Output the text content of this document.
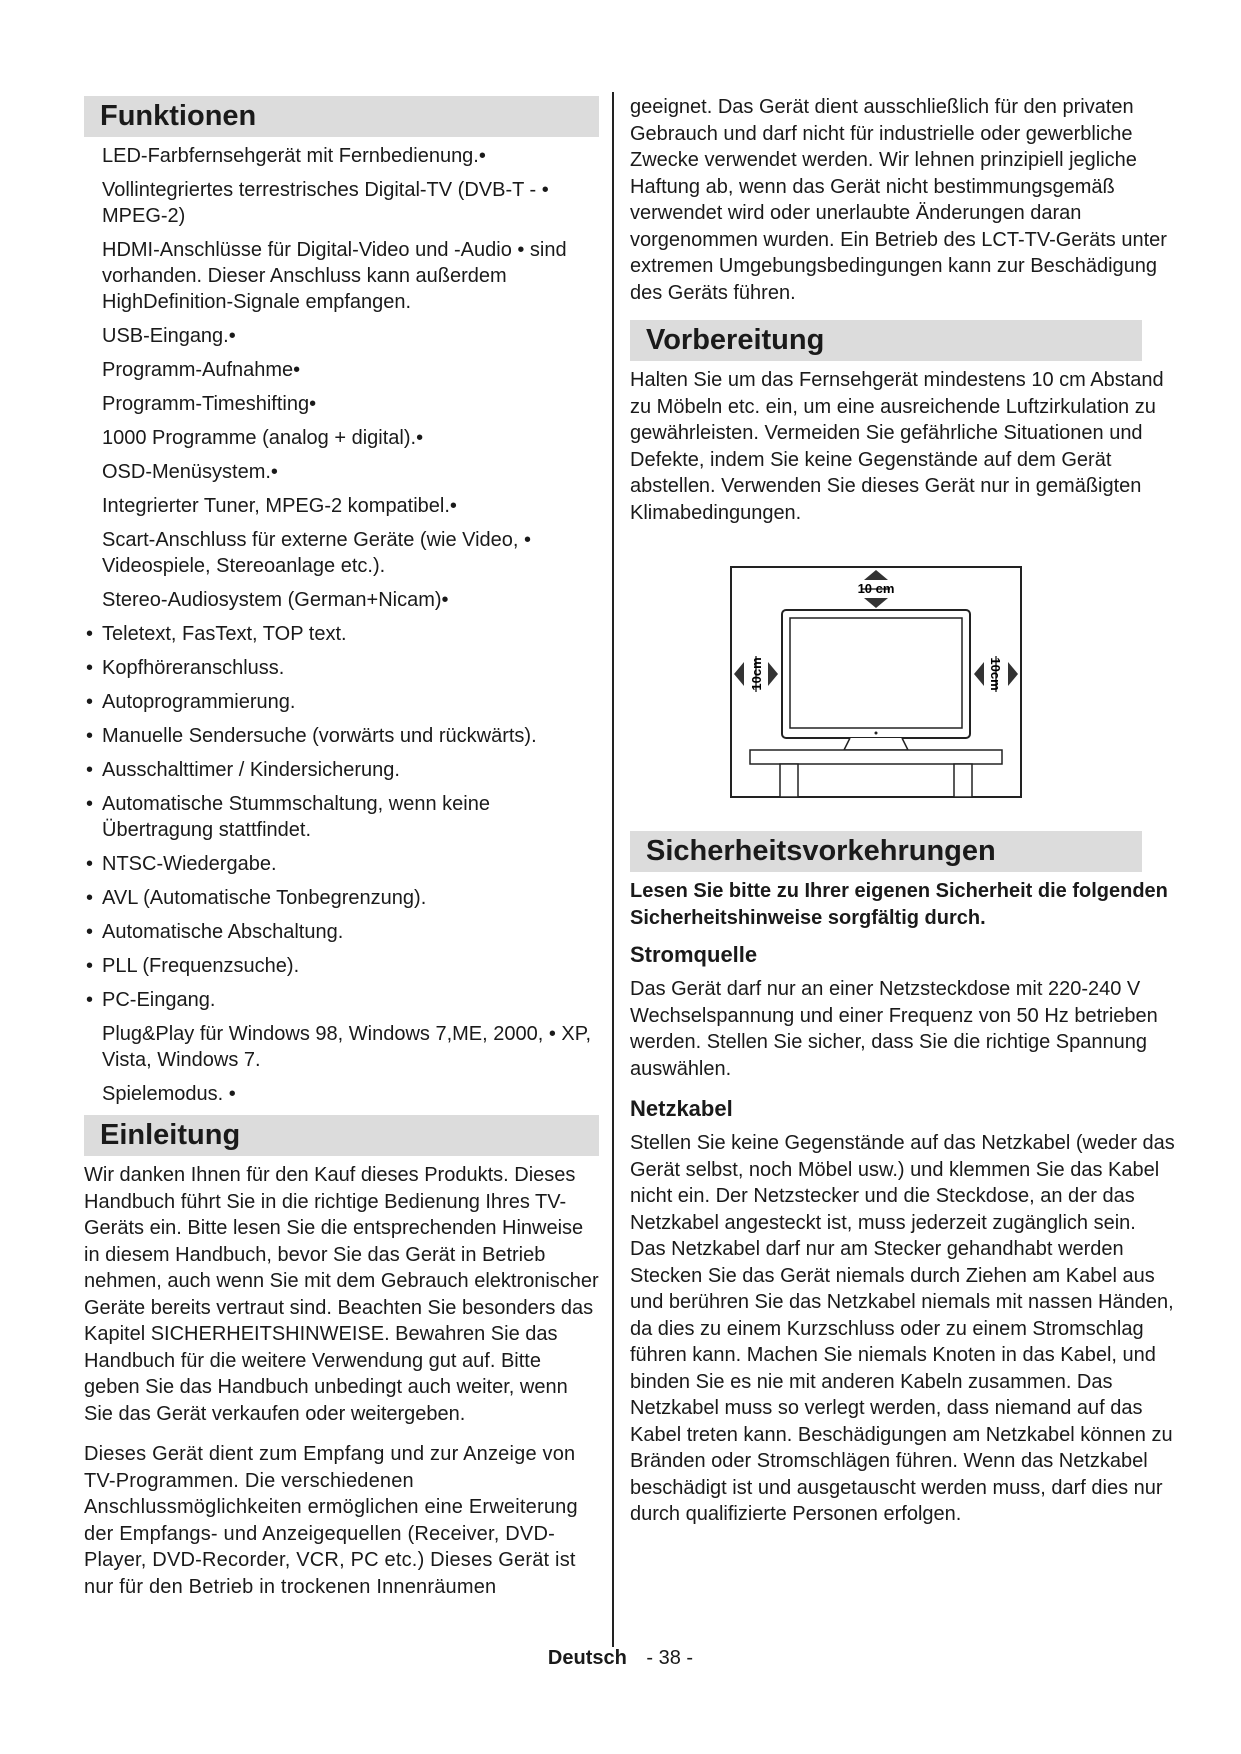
Funktionen
LED-Farbfernsehgerät mit Fernbedienung.•
Vollintegriertes terrestrisches Digital-TV (DVB-T - • MPEG-2)
HDMI-Anschlüsse für Digital-Video und -Audio • sind vorhanden. Dieser Anschluss kann außerdem HighDefinition-Signale empfangen.
USB-Eingang.•
Programm-Aufnahme•
Programm-Timeshifting•
1000 Programme (analog + digital).•
OSD-Menüsystem.•
Integrierter Tuner, MPEG-2 kompatibel.•
Scart-Anschluss für externe Geräte (wie Video, • Videospiele, Stereoanlage etc.).
Stereo-Audiosystem (German+Nicam)•
• Teletext, FasText, TOP text.
• Kopfhöreranschluss.
• Autoprogrammierung.
• Manuelle Sendersuche (vorwärts und rückwärts).
• Ausschalttimer / Kindersicherung.
• Automatische Stummschaltung, wenn keine Übertragung stattfindet.
• NTSC-Wiedergabe.
• AVL (Automatische Tonbegrenzung).
• Automatische Abschaltung.
• PLL (Frequenzsuche).
• PC-Eingang.
Plug&Play für Windows 98, Windows 7,ME, 2000, • XP, Vista, Windows 7.
Spielemodus. •
Einleitung

Wir danken Ihnen für den Kauf dieses Produkts. Dieses Handbuch führt Sie in die richtige Bedienung Ihres TV-Geräts ein. Bitte lesen Sie die entsprechenden Hinweise in diesem Handbuch, bevor Sie das Gerät in Betrieb nehmen, auch wenn Sie mit dem Gebrauch elektronischer Geräte bereits vertraut sind. Beachten Sie besonders das Kapitel SICHERHEITSHINWEISE. Bewahren Sie das Handbuch für die weitere Verwendung gut auf. Bitte geben Sie das Handbuch unbedingt auch weiter, wenn Sie das Gerät verkaufen oder weitergeben.

Dieses Gerät dient zum Empfang und zur Anzeige von TV-Programmen. Die verschiedenen Anschlussmöglichkeiten ermöglichen eine Erweiterung der Empfangs- und Anzeigequellen (Receiver, DVD-Player, DVD-Recorder, VCR, PC etc.) Dieses Gerät ist nur für den Betrieb in trockenen Innenräumen

geeignet. Das Gerät dient ausschließlich für den privaten Gebrauch und darf nicht für industrielle oder gewerbliche Zwecke verwendet werden. Wir lehnen prinzipiell jegliche Haftung ab, wenn das Gerät nicht bestimmungsgemäß verwendet wird oder unerlaubte Änderungen daran vorgenommen wurden. Ein Betrieb des LCT-TV-Geräts unter extremen Umgebungsbedingungen kann zur Beschädigung des Geräts führen.

Vorbereitung

Halten Sie um das Fernsehgerät mindestens 10 cm Abstand zu Möbeln etc. ein, um eine ausreichende Luftzirkulation zu gewährleisten. Vermeiden Sie gefährliche Situationen und Defekte, indem Sie keine Gegenstände auf dem Gerät abstellen. Verwenden Sie dieses Gerät nur in gemäßigten Klimabedingungen.

10 cm
10cm	10cm
Sicherheitsvorkehrungen

Lesen Sie bitte zu Ihrer eigenen Sicherheit die folgenden Sicherheitshinweise sorgfältig durch.

Stromquelle

Das Gerät darf nur an einer Netzsteckdose mit 220-240 V Wechselspannung und einer Frequenz von 50 Hz betrieben werden. Stellen Sie sicher, dass Sie die richtige Spannung auswählen.

Netzkabel

Stellen Sie keine Gegenstände auf das Netzkabel (weder das Gerät selbst, noch Möbel usw.) und klemmen Sie das Kabel nicht ein. Der Netzstecker und die Steckdose, an der das Netzkabel angesteckt ist, muss jederzeit zugänglich sein. Das Netzkabel darf nur am Stecker gehandhabt werden Stecken Sie das Gerät niemals durch Ziehen am Kabel aus und berühren Sie das Netzkabel niemals mit nassen Händen, da dies zu einem Kurzschluss oder zu einem Stromschlag führen kann. Machen Sie niemals Knoten in das Kabel, und binden Sie es nie mit anderen Kabeln zusammen. Das Netzkabel muss so verlegt werden, dass niemand auf das Kabel treten kann. Beschädigungen am Netzkabel können zu Bränden oder Stromschlägen führen. Wenn das Netzkabel beschädigt ist und ausgetauscht werden muss, darf dies nur durch qualifizierte Personen erfolgen.

Deutsch - 38 -
